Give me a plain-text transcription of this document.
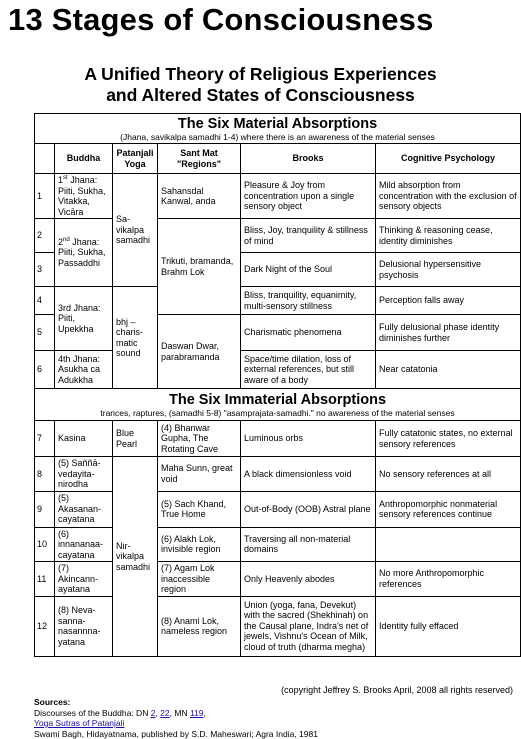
13 Stages of Consciousness
A Unified Theory of Religious Experiences
and Altered States of Consciousness
The Six Material Absorptions
(Jhana, savikalpa samadhi 1-4) where there is an awareness of the material senses					

	Buddha	Patanjali Yoga	Sant Mat "Regions"	Brooks	Cognitive Psychology
1	1st Jhana: Piiti, Sukha, Vitakka, Vicāra	Sa-vikalpa samadhi	Sahansdal Kanwal, anda	Pleasure & Joy from concentration upon a single sensory object	Mild absorption from concentration with the exclusion of sensory objects
2	2nd Jhana: Piiti, Sukha, Passaddhi		Trikuti, bramanda, Brahm Lok	Bliss, Joy, tranquility & stillness of mind	Thinking & reasoning cease, identity diminishes
3				Dark Night of the Soul	Delusional hypersensitive psychosis
4	3rd Jhana: Piiti, Upekkha	bhj – charis-matic sound		Bliss, tranquility, equanimity, multi-sensory stillness	Perception falls away
5			Daswan Dwar, parabramanda	Charismatic phenomena	Fully delusional phase identity diminishes further
6	4th Jhana: Asukha ca Adukkha			Space/time dilation, loss of external references, but still aware of a body	Near catatonia

The Six Immaterial Absorptions
trances, raptures, (samadhi 5-8) "asamprajata-samadhi." no awareness of the material senses					

7	Kasina	Blue Pearl	(4) Bhanwar Gupha, The Rotating Cave	Luminous orbs	Fully catatonic states, no external sensory references
8	(5) Saññā-vedayita-nirodha	Nir-vikalpa samadhi	Maha Sunn, great void	A black dimensionless void	No sensory references at all
9	(5) Akasanan-cayatana		(5) Sach Khand, True Home	Out-of-Body (OOB) Astral plane	Anthropomorphic nonmaterial sensory references continue
10	(6) innananaa-cayatana		(6) Alakh Lok, invisible region	Traversing all non-material domains	
11	(7) Akincann-ayatana		(7) Agam Lok inaccessible region	Only Heavenly abodes	No more Anthropomorphic references
12	(8) Neva-sanna-nasannna-yatana		(8) Anami Lok, nameless region	Union (yoga, fana, Devekut) with the sacred (Shekhinah) on the Causal plane, Indra's net of jewels, Vishnu's Ocean of Milk, cloud of truth (dharma megha)	Identity fully effaced
(copyright Jeffrey S. Brooks April, 2008 all rights reserved)
Sources:
Discourses of the Buddha: DN 2, 22, MN 119,
Yoga Sutras of Patanjali
Swami Bagh, Hidayatnama, published by S.D. Maheswari; Agra India, 1981
